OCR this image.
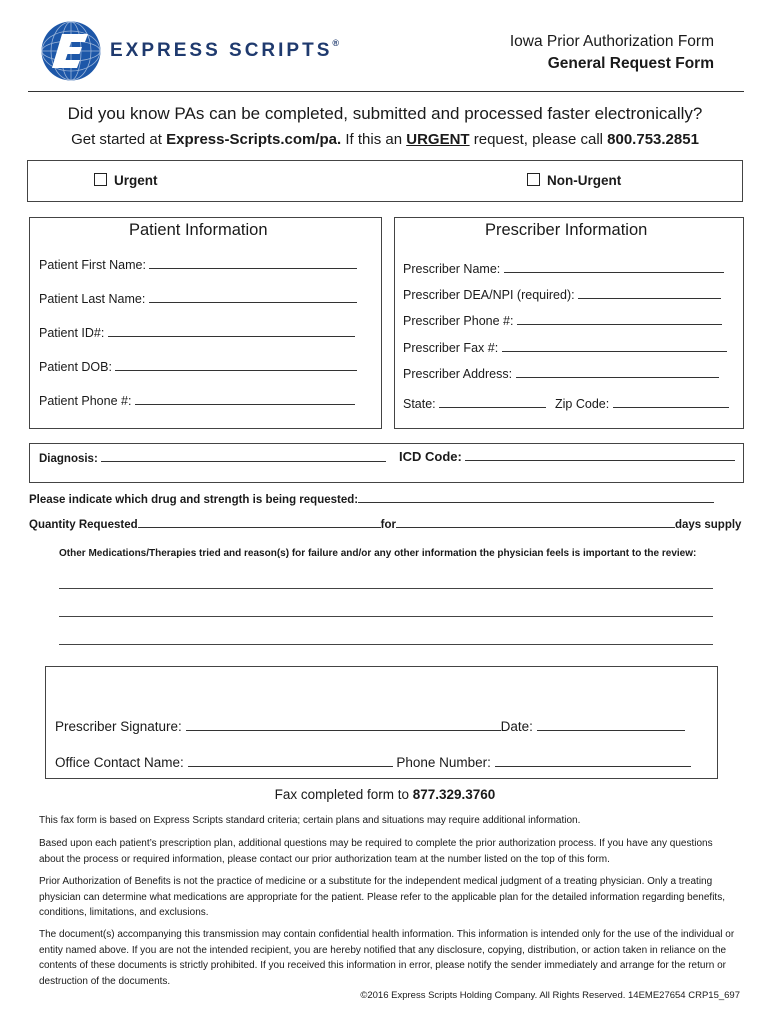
EXPRESS SCRIPTS®	Iowa Prior Authorization Form
General Request Form
Did you know PAs can be completed, submitted and processed faster electronically?
Get started at Express-Scripts.com/pa. If this an URGENT request, please call 800.753.2851
Urgent	Non-Urgent
Patient Information
Patient First Name:
Patient Last Name:
Patient ID#:
Patient DOB:
Patient Phone #:
Prescriber Information
Prescriber Name:
Prescriber DEA/NPI (required):
Prescriber Phone #:
Prescriber Fax #:
Prescriber Address:
State:	Zip Code:
Diagnosis:	ICD Code:
Please indicate which drug and strength is being requested:
Quantity Requested	for	days supply
Other Medications/Therapies tried and reason(s) for failure and/or any other information the physician feels is important to the review:
Prescriber Signature:	Date:
Office Contact Name:	Phone Number:
Fax completed form to 877.329.3760
This fax form is based on Express Scripts standard criteria; certain plans and situations may require additional information.
Based upon each patient’s prescription plan, additional questions may be required to complete the prior authorization process. If you have any questions about the process or required information, please contact our prior authorization team at the number listed on the top of this form.
Prior Authorization of Benefits is not the practice of medicine or a substitute for the independent medical judgment of a treating physician. Only a treating physician can determine what medications are appropriate for the patient. Please refer to the applicable plan for the detailed information regarding benefits, conditions, limitations, and exclusions.
The document(s) accompanying this transmission may contain confidential health information. This information is intended only for the use of the individual or entity named above. If you are not the intended recipient, you are hereby notified that any disclosure, copying, distribution, or action taken in reliance on the contents of these documents is strictly prohibited. If you received this information in error, please notify the sender immediately and arrange for the return or destruction of the documents.
©2016 Express Scripts Holding Company. All Rights Reserved. 14EME27654 CRP15_697
